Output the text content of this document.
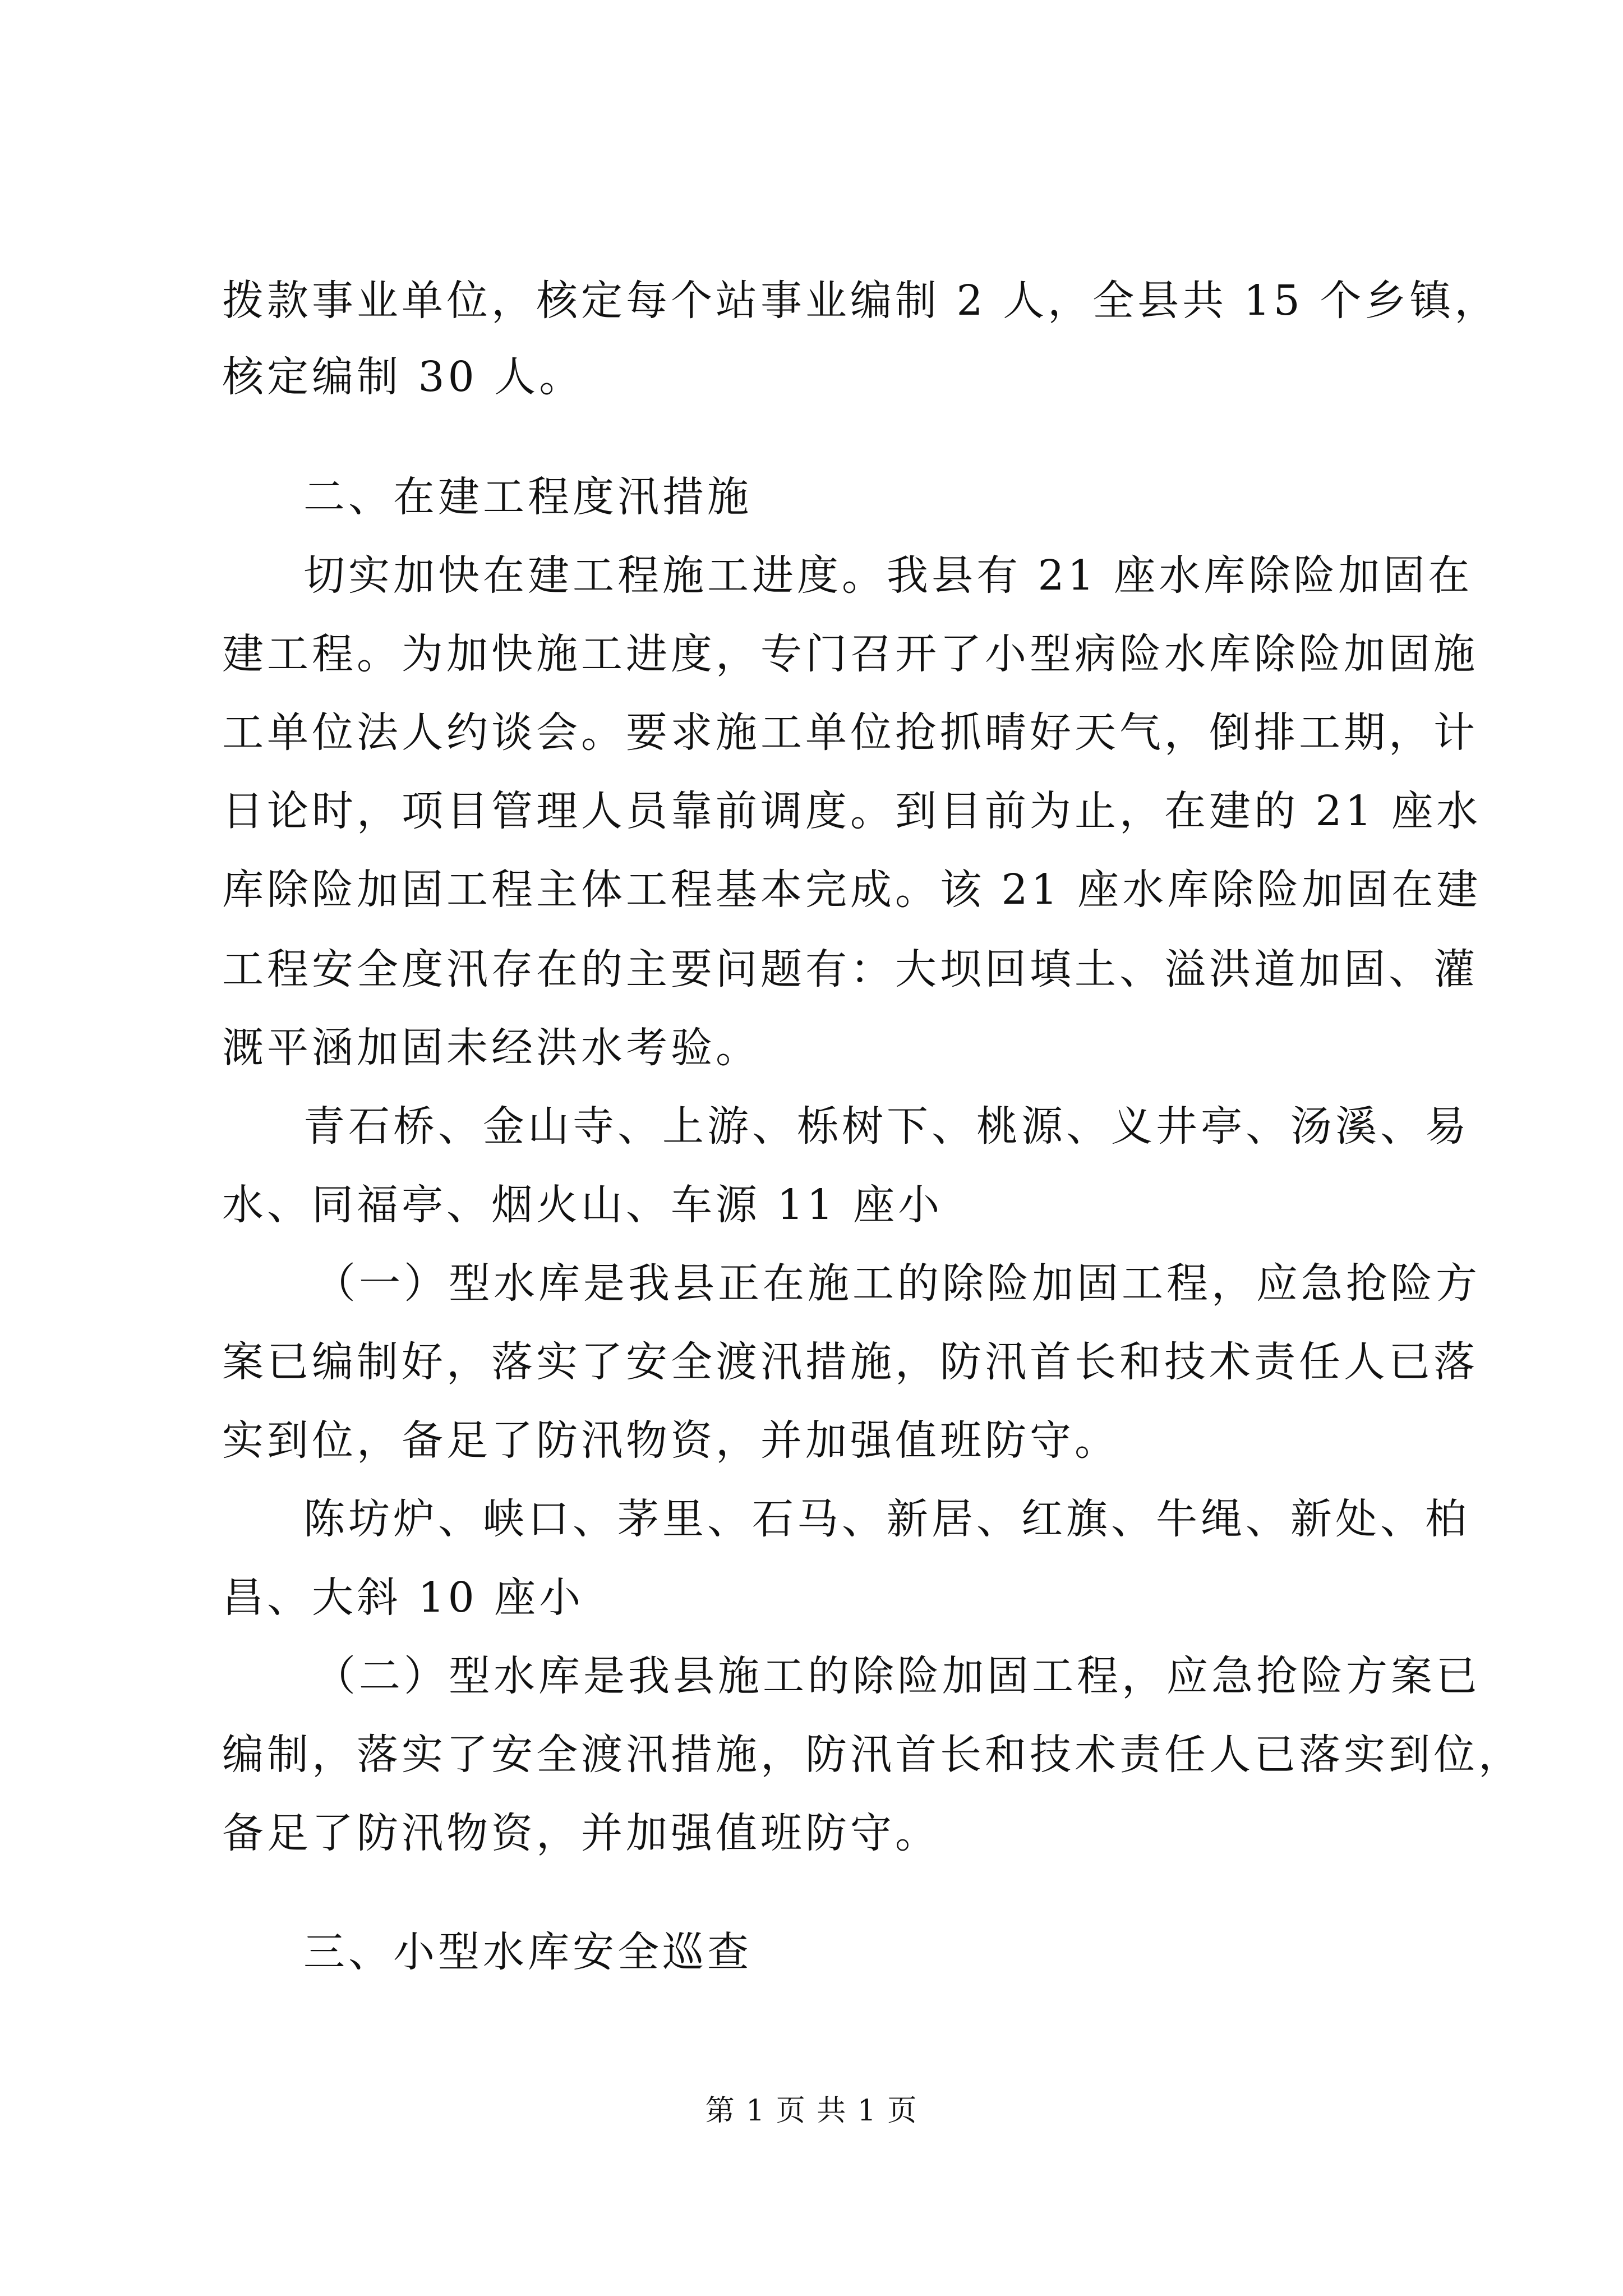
拨款事业单位，核定每个站事业编制 2 人，全县共 15 个乡镇，
核定编制 30 人。
二、在建工程度汛措施
切实加快在建工程施工进度。我县有 21 座水库除险加固在
建工程。为加快施工进度，专门召开了小型病险水库除险加固施
工单位法人约谈会。要求施工单位抢抓晴好天气，倒排工期，计
日论时，项目管理人员靠前调度。到目前为止，在建的 21 座水
库除险加固工程主体工程基本完成。该 21 座水库除险加固在建
工程安全度汛存在的主要问题有：大坝回填土、溢洪道加固、灌
溉平涵加固未经洪水考验。
青石桥、金山寺、上游、栎树下、桃源、义井亭、汤溪、易
水、同福亭、烟火山、车源 11 座小
（一）型水库是我县正在施工的除险加固工程，应急抢险方
案已编制好，落实了安全渡汛措施，防汛首长和技术责任人已落
实到位，备足了防汛物资，并加强值班防守。
陈坊炉、峡口、茅里、石马、新居、红旗、牛绳、新处、柏
昌、大斜 10 座小
（二）型水库是我县施工的除险加固工程，应急抢险方案已
编制，落实了安全渡汛措施，防汛首长和技术责任人已落实到位，
备足了防汛物资，并加强值班防守。
三、小型水库安全巡查
第 1 页 共 1 页
